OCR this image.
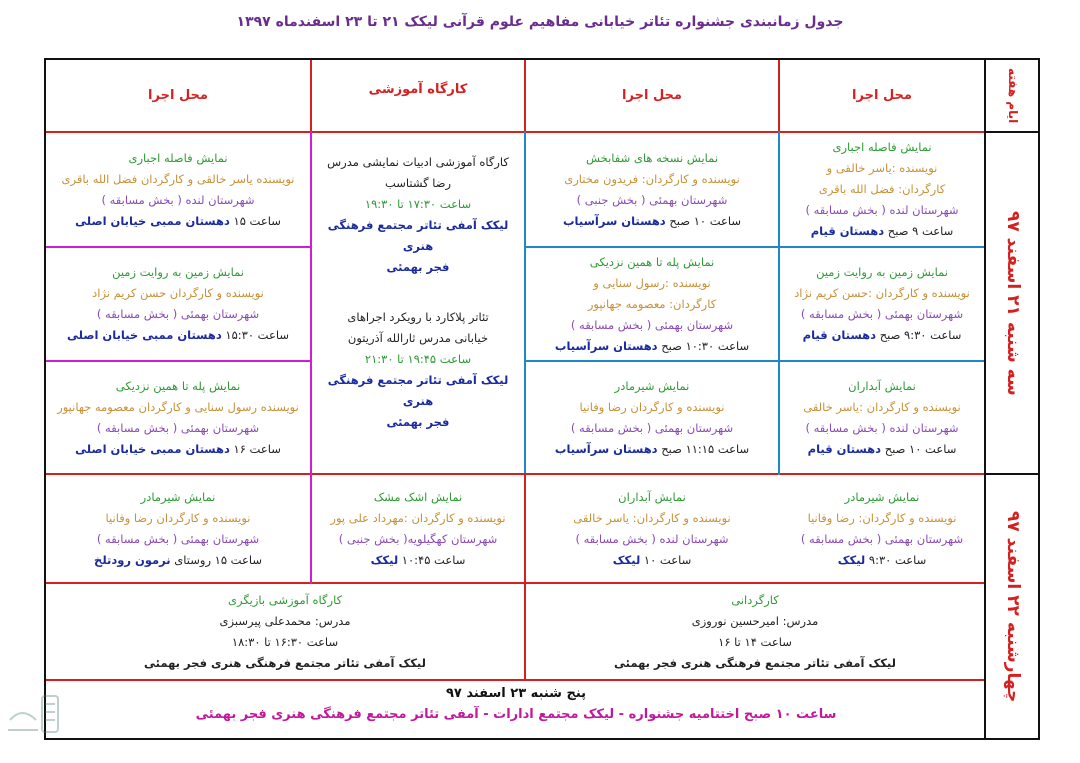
جدول زمانبندی جشنواره تئاتر خیابانی مفاهیم علوم قرآنی لیکک ۲۱ تا ۲۳ اسفندماه ۱۳۹۷
ایام هفته
سه شنبه ۲۱ اسفند ۹۷
چهارشنبه ۲۲ اسفند ۹۷
محل اجرا
محل اجرا
کارگاه آموزشی
محل اجرا
نمایش فاصله اجباری
نویسنده :یاسر خالقی و
کارگردان: فضل الله باقری
شهرستان لنده ( بخش مسابقه )
ساعت ۹ صبح دهستان قیام
نمایش زمین به روایت زمین
نویسنده و کارگردان :حسن کریم نژاد
شهرستان بهمئی ( بخش مسابقه )
ساعت ۹:۳۰ صبح دهستان قیام
نمایش آبداران
نویسنده و کارگردان :یاسر خالقی
شهرستان لنده ( بخش مسابقه )
ساعت ۱۰ صبح دهستان قیام
نمایش نسخه های شفابخش
نویسنده و کارگردان: فریدون مختاری
شهرستان بهمئی ( بخش جنبی )
ساعت ۱۰ صبح دهستان سرآسیاب
نمایش پله تا همین نزدیکی
نویسنده :رسول سنایی و
کارگردان: معصومه جهانپور
شهرستان بهمئی ( بخش مسابقه )
ساعت ۱۰:۳۰ صبح دهستان سرآسیاب
نمایش شیرمادر
نویسنده و کارگردان رضا وفانیا
شهرستان بهمئی ( بخش مسابقه )
ساعت ۱۱:۱۵ صبح دهستان سرآسیاب
کارگاه آموزشی ادبیات نمایشی مدرس
رضا گشتاسب
ساعت ۱۷:۳۰ تا ۱۹:۳۰
لیکک آمفی تئاتر مجتمع فرهنگی هنری
فجر بهمئی
تئاتر پلاکارد با رویکرد اجراهای
خیابانی مدرس ثارالله آذریتون
ساعت ۱۹:۴۵ تا ۲۱:۳۰
لیکک آمفی تئاتر مجتمع فرهنگی هنری
فجر بهمئی
نمایش فاصله اجباری
نویسنده یاسر خالقی و کارگردان فضل الله باقری
شهرستان لنده ( بخش مسابقه )
ساعت ۱۵ دهستان ممبی خیابان اصلی
نمایش زمین به روایت زمین
نویسنده و کارگردان حسن کریم نژاد
شهرستان بهمئی ( بخش مسابقه )
ساعت ۱۵:۳۰ دهستان ممبی خیابان اصلی
نمایش پله تا همین نزدیکی
نویسنده رسول سنایی و کارگردان معصومه جهانپور
شهرستان بهمئی ( بخش مسابقه )
ساعت ۱۶ دهستان ممبی خیابان اصلی
نمایش شیرمادر
نویسنده و کارگردان: رضا وفانیا
شهرستان بهمئی ( بخش مسابقه )
ساعت ۹:۳۰ لیکک
نمایش آبداران
نویسنده و کارگردان: یاسر خالقی
شهرستان لنده ( بخش مسابقه )
ساعت ۱۰ لیکک
نمایش اشک مشک
نویسنده و کارگردان :مهرداد علی پور
شهرستان کهگیلویه( بخش جنبی )
ساعت ۱۰:۴۵ لیکک
نمایش شیرمادر
نویسنده و کارگردان رضا وفانیا
شهرستان بهمئی ( بخش مسابقه )
ساعت ۱۵ روستای نرمون رودتلخ
کارگردانی
مدرس: امیرحسین نوروزی
ساعت ۱۴ تا ۱۶
لیکک آمفی تئاتر مجتمع فرهنگی هنری فجر بهمئی
کارگاه آموزشی بازیگری
مدرس: محمدعلی پیرسبزی
ساعت ۱۶:۳۰ تا ۱۸:۳۰
لیکک آمفی تئاتر مجتمع فرهنگی هنری فجر بهمئی
پنج شنبه ۲۳ اسفند ۹۷
ساعت ۱۰ صبح اختتامیه جشنواره - لیکک مجتمع ادارات - آمفی تئاتر مجتمع فرهنگی هنری فجر بهمئی
